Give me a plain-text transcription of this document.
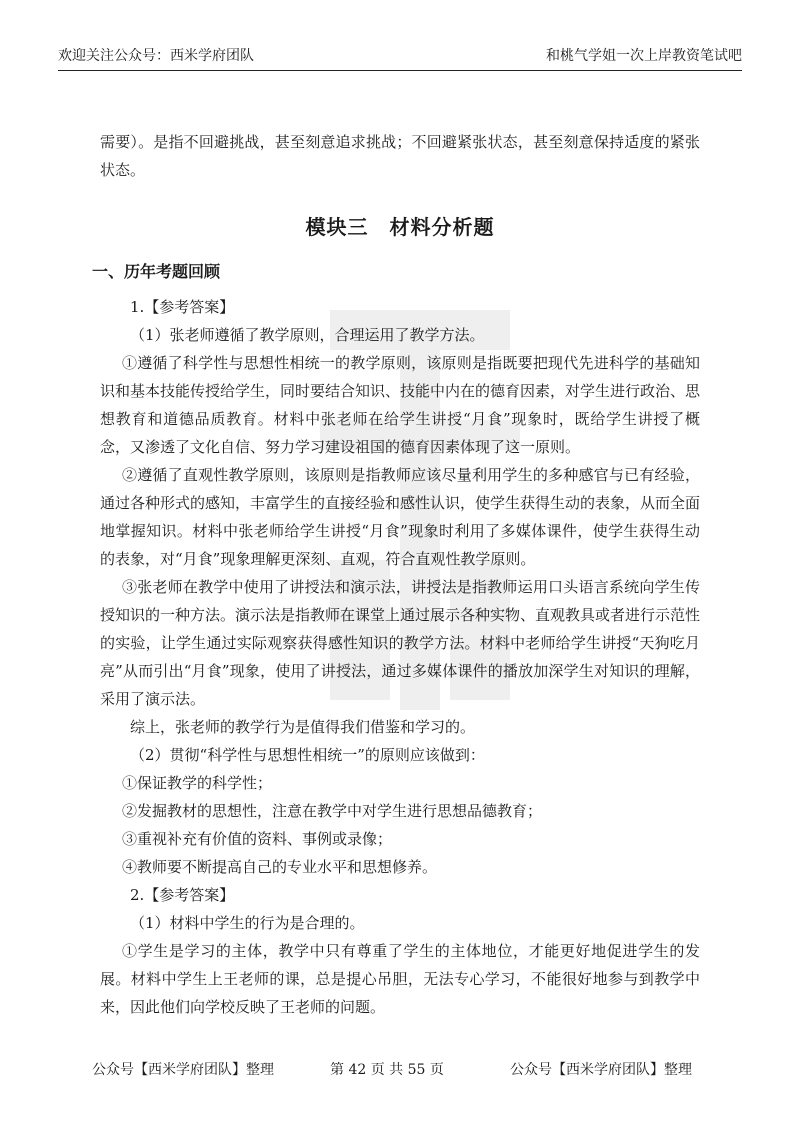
欢迎关注公众号：西米学府团队	和桃气学姐一次上岸教资笔试吧

需要）。是指不回避挑战，甚至刻意追求挑战；不回避紧张状态，甚至刻意保持适度的紧张状态。

模块三　材料分析题
一、历年考题回顾

1.【参考答案】

（1）张老师遵循了教学原则，合理运用了教学方法。

①遵循了科学性与思想性相统一的教学原则，该原则是指既要把现代先进科学的基础知识和基本技能传授给学生，同时要结合知识、技能中内在的德育因素，对学生进行政治、思想教育和道德品质教育。材料中张老师在给学生讲授“月食”现象时，既给学生讲授了概念，又渗透了文化自信、努力学习建设祖国的德育因素体现了这一原则。

②遵循了直观性教学原则，该原则是指教师应该尽量利用学生的多种感官与已有经验，通过各种形式的感知，丰富学生的直接经验和感性认识，使学生获得生动的表象，从而全面地掌握知识。材料中张老师给学生讲授“月食”现象时利用了多媒体课件，使学生获得生动的表象，对“月食”现象理解更深刻、直观，符合直观性教学原则。

③张老师在教学中使用了讲授法和演示法，讲授法是指教师运用口头语言系统向学生传授知识的一种方法。演示法是指教师在课堂上通过展示各种实物、直观教具或者进行示范性的实验，让学生通过实际观察获得感性知识的教学方法。材料中老师给学生讲授“天狗吃月亮”从而引出“月食”现象，使用了讲授法，通过多媒体课件的播放加深学生对知识的理解，采用了演示法。

综上，张老师的教学行为是值得我们借鉴和学习的。

（2）贯彻“科学性与思想性相统一”的原则应该做到：

①保证教学的科学性；

②发掘教材的思想性，注意在教学中对学生进行思想品德教育；

③重视补充有价值的资料、事例或录像；

④教师要不断提高自己的专业水平和思想修养。

2.【参考答案】

（1）材料中学生的行为是合理的。

①学生是学习的主体，教学中只有尊重了学生的主体地位，才能更好地促进学生的发展。材料中学生上王老师的课，总是提心吊胆，无法专心学习，不能很好地参与到教学中来，因此他们向学校反映了王老师的问题。

公众号【西米学府团队】整理	第 42 页 共 55 页	公众号【西米学府团队】整理
